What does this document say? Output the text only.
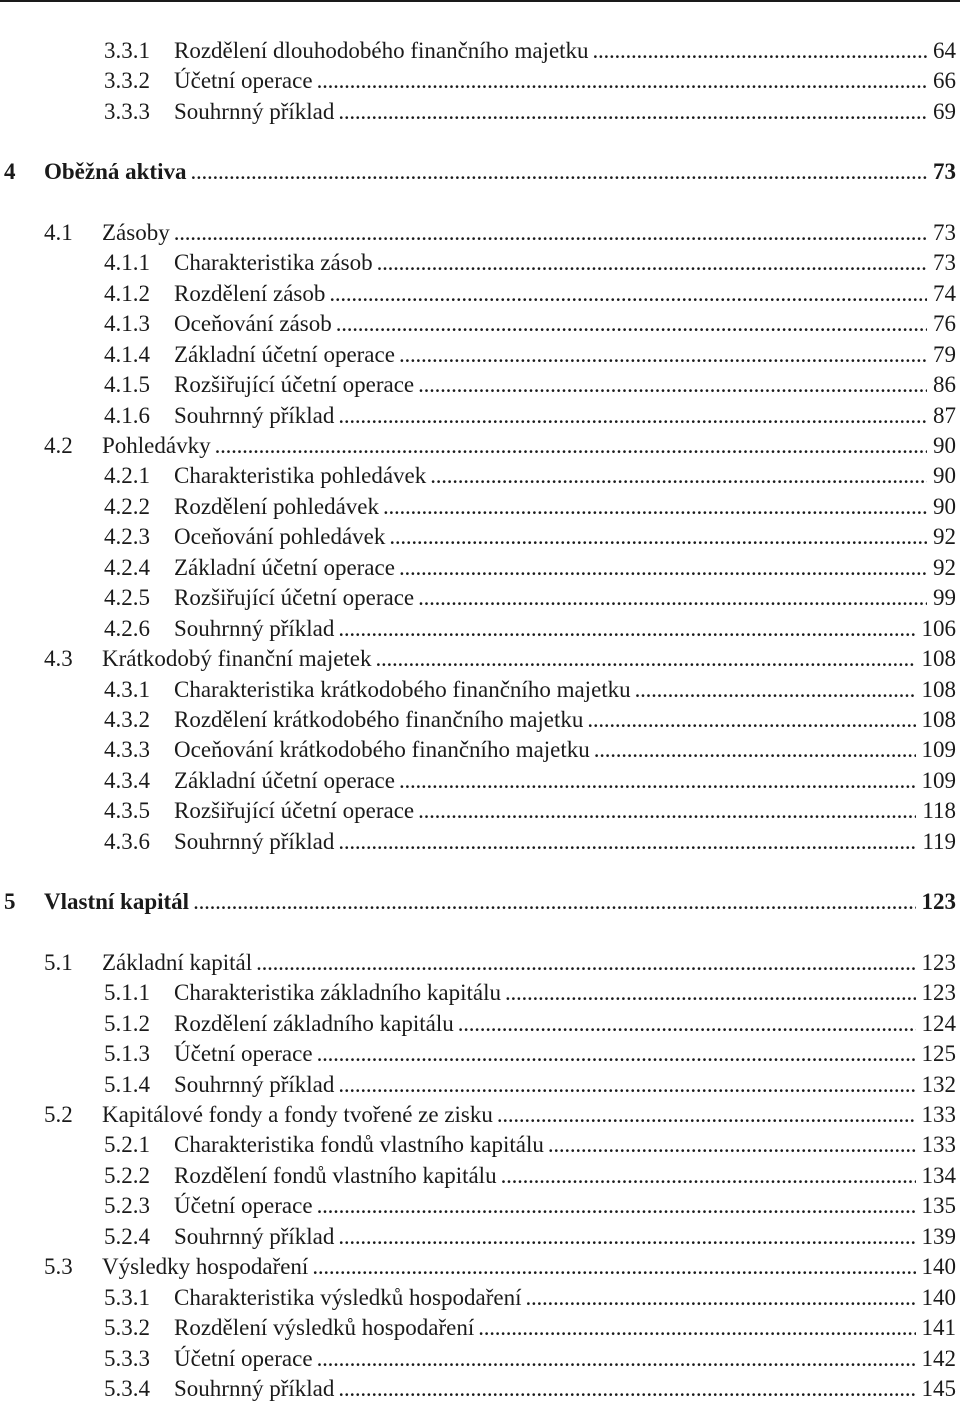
3.3.1 Rozdělení dlouhodobého finančního majetku . . .	64
3.3.2 Účetní operace . . .	66
3.3.3 Souhrnný příklad . . .	69
4 Oběžná aktiva . . .	73
4.1 Zásoby . . .	73
4.1.1 Charakteristika zásob . . .	73
4.1.2 Rozdělení zásob . . .	74
4.1.3 Oceňování zásob . . .	76
4.1.4 Základní účetní operace . . .	79
4.1.5 Rozšiřující účetní operace . . .	86
4.1.6 Souhrnný příklad . . .	87
4.2 Pohledávky . . .	90
4.2.1 Charakteristika pohledávek . . .	90
4.2.2 Rozdělení pohledávek . . .	90
4.2.3 Oceňování pohledávek . . .	92
4.2.4 Základní účetní operace . . .	92
4.2.5 Rozšiřující účetní operace . . .	99
4.2.6 Souhrnný příklad . . .	106
4.3 Krátkodobý finanční majetek . . .	108
4.3.1 Charakteristika krátkodobého finančního majetku . . .	108
4.3.2 Rozdělení krátkodobého finančního majetku . . .	108
4.3.3 Oceňování krátkodobého finančního majetku . . .	109
4.3.4 Základní účetní operace . . .	109
4.3.5 Rozšiřující účetní operace . . .	118
4.3.6 Souhrnný příklad . . .	119
5 Vlastní kapitál . . .	123
5.1 Základní kapitál . . .	123
5.1.1 Charakteristika základního kapitálu . . .	123
5.1.2 Rozdělení základního kapitálu . . .	124
5.1.3 Účetní operace . . .	125
5.1.4 Souhrnný příklad . . .	132
5.2 Kapitálové fondy a fondy tvořené ze zisku . . .	133
5.2.1 Charakteristika fondů vlastního kapitálu . . .	133
5.2.2 Rozdělení fondů vlastního kapitálu . . .	134
5.2.3 Účetní operace . . .	135
5.2.4 Souhrnný příklad . . .	139
5.3 Výsledky hospodaření . . .	140
5.3.1 Charakteristika výsledků hospodaření . . .	140
5.3.2 Rozdělení výsledků hospodaření . . .	141
5.3.3 Účetní operace . . .	142
5.3.4 Souhrnný příklad . . .	145
